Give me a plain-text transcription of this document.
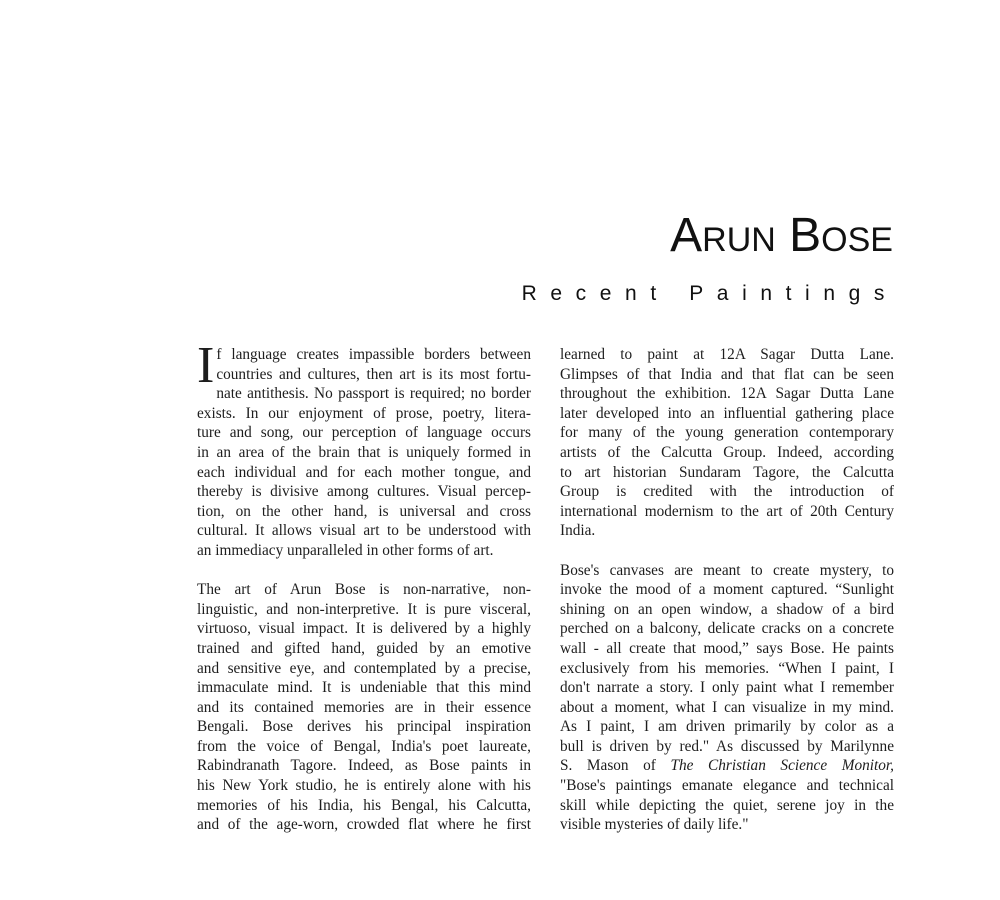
Arun Bose
Recent Paintings

I f language creates impassible borders between
countries and cultures, then art is its most fortu-
nate antithesis. No passport is required; no border
exists. In our enjoyment of prose, poetry, litera-
ture and song, our perception of language occurs
in an area of the brain that is uniquely formed in
each individual and for each mother tongue, and
thereby is divisive among cultures. Visual percep-
tion, on the other hand, is universal and cross
cultural. It allows visual art to be understood with
an immediacy unparalleled in other forms of art.

The art of Arun Bose is non-narrative, non-
linguistic, and non-interpretive. It is pure visceral,
virtuoso, visual impact. It is delivered by a highly
trained and gifted hand, guided by an emotive
and sensitive eye, and contemplated by a precise,
immaculate mind. It is undeniable that this mind
and its contained memories are in their essence
Bengali. Bose derives his principal inspiration
from the voice of Bengal, India's poet laureate,
Rabindranath Tagore. Indeed, as Bose paints in
his New York studio, he is entirely alone with his
memories of his India, his Bengal, his Calcutta,
and of the age-worn, crowded flat where he first

learned to paint at 12A Sagar Dutta Lane.
Glimpses of that India and that flat can be seen
throughout the exhibition. 12A Sagar Dutta Lane
later developed into an influential gathering place
for many of the young generation contemporary
artists of the Calcutta Group. Indeed, according
to art historian Sundaram Tagore, the Calcutta
Group is credited with the introduction of
international modernism to the art of 20th Century
India.

Bose's canvases are meant to create mystery, to
invoke the mood of a moment captured. “Sunlight
shining on an open window, a shadow of a bird
perched on a balcony, delicate cracks on a concrete
wall - all create that mood,” says Bose. He paints
exclusively from his memories. “When I paint, I
don't narrate a story. I only paint what I remember
about a moment, what I can visualize in my mind.
As I paint, I am driven primarily by color as a
bull is driven by red." As discussed by Marilynne
S. Mason of The Christian Science Monitor,
"Bose's paintings emanate elegance and technical
skill while depicting the quiet, serene joy in the
visible mysteries of daily life."
